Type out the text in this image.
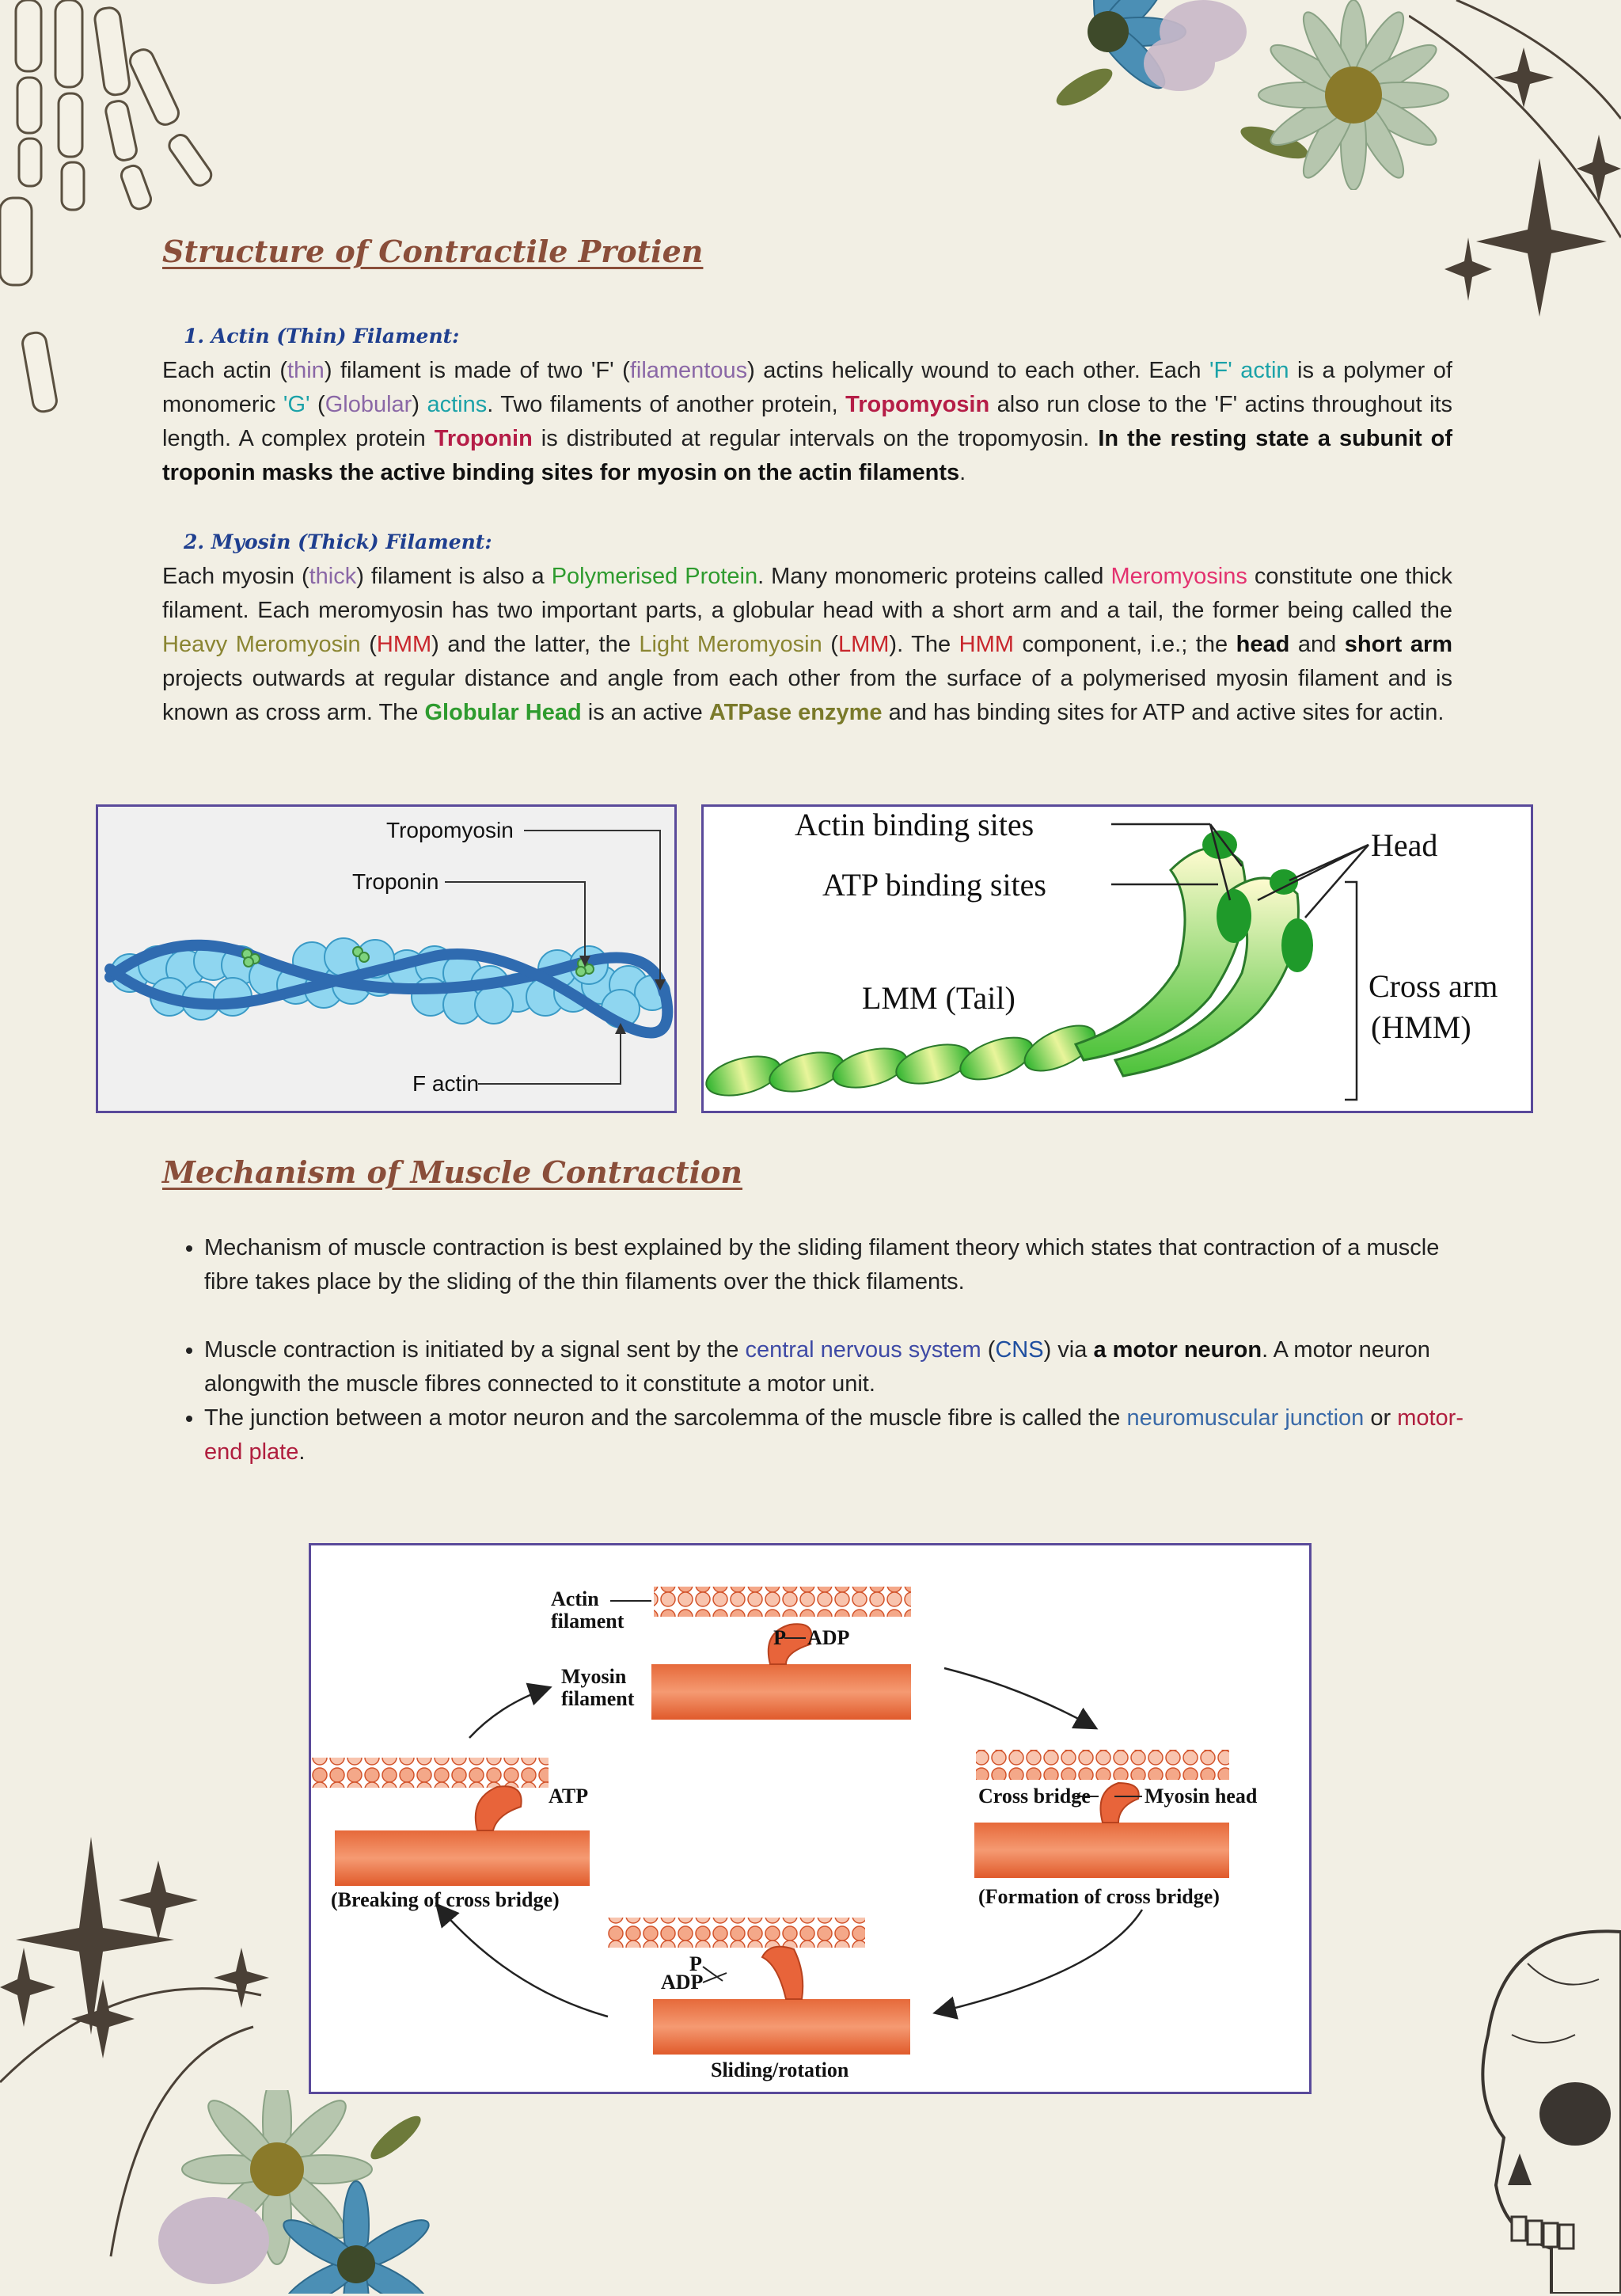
Structure of Contractile Protien
1. Actin (Thin) Filament:

Each actin (thin) filament is made of two 'F' (filamentous) actins helically wound to each other. Each 'F' actin is a polymer of monomeric 'G' (Globular) actins. Two filaments of another protein, Tropomyosin also run close to the 'F' actins throughout its length. A complex protein Troponin is distributed at regular intervals on the tropomyosin. In the resting state a subunit of troponin masks the active binding sites for myosin on the actin filaments.

2. Myosin (Thick) Filament:

Each myosin (thick) filament is also a Polymerised Protein. Many monomeric proteins called Meromyosins constitute one thick filament. Each meromyosin has two important parts, a globular head with a short arm and a tail, the former being called the Heavy Meromyosin (HMM) and the latter, the Light Meromyosin (LMM). The HMM component, i.e.; the head and short arm projects outwards at regular distance and angle from each other from the surface of a polymerised myosin filament and is known as cross arm. The Globular Head is an active ATPase enzyme and has binding sites for ATP and active sites for actin.

Tropomyosin
Troponin
F actin
Actin binding sites
ATP binding sites
LMM (Tail)
Head
Cross arm
(HMM)
Mechanism of Muscle Contraction
• Mechanism of muscle contraction is best explained by the sliding filament theory which states that contraction of a muscle fibre takes place by the sliding of the thin filaments over the thick filaments.
• Muscle contraction is initiated by a signal sent by the central nervous system (CNS) via a motor neuron. A motor neuron alongwith the muscle fibres connected to it constitute a motor unit.
• The junction between a motor neuron and the sarcolemma of the muscle fibre is called the neuromuscular junction or motor-end plate.
Actin
filament
Myosin
filament
P ADP
ATP	Cross bridge	Myosin head
(Breaking of cross bridge)	(Formation of cross bridge)
P
ADP
Sliding/rotation
